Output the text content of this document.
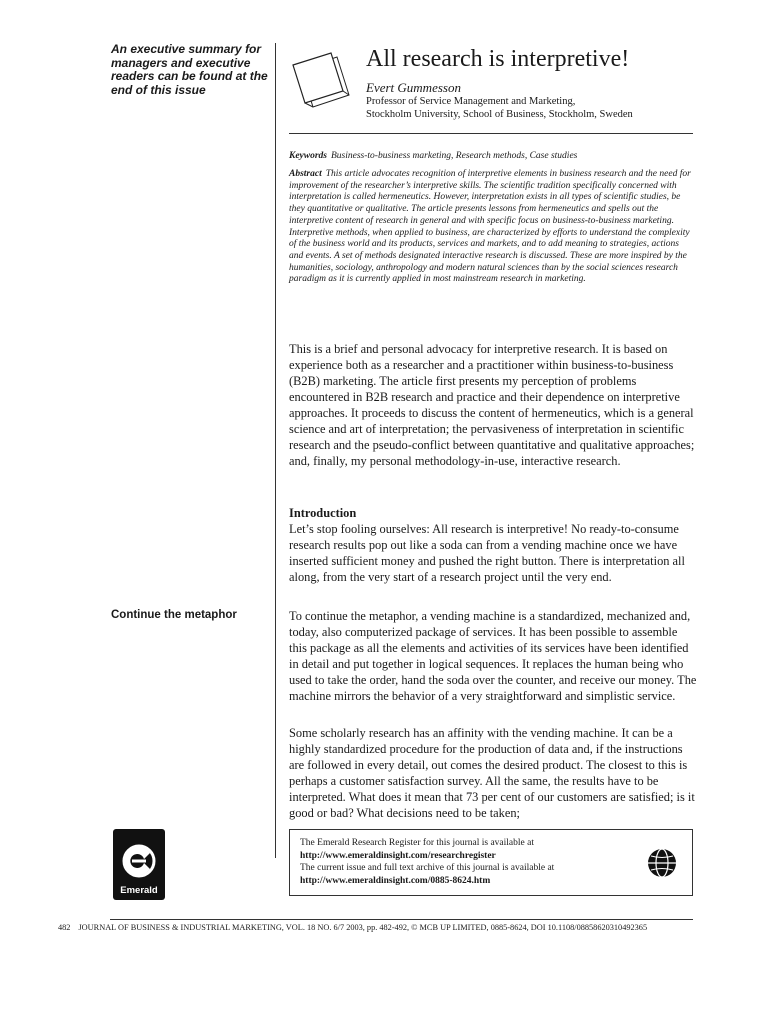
An executive summary for managers and executive readers can be found at the end of this issue
All research is interpretive!
Evert Gummesson
Professor of Service Management and Marketing,
Stockholm University, School of Business, Stockholm, Sweden
Keywords Business-to-business marketing, Research methods, Case studies
Abstract This article advocates recognition of interpretive elements in business research and the need for improvement of the researcher’s interpretive skills. The scientific tradition specifically concerned with interpretation is called hermeneutics. However, interpretation exists in all types of scientific studies, be they quantitative or qualitative. The article presents lessons from hermeneutics and spells out the interpretive content of research in general and with specific focus on business-to-business marketing. Interpretive methods, when applied to business, are characterized by efforts to understand the complexity of the business world and its products, services and markets, and to add meaning to strategies, actions and events. A set of methods designated interactive research is discussed. These are more inspired by the humanities, sociology, anthropology and modern natural sciences than by the social sciences research paradigm as it is currently applied in most mainstream research in marketing.

This is a brief and personal advocacy for interpretive research. It is based on experience both as a researcher and a practitioner within business-to-business (B2B) marketing. The article first presents my perception of problems encountered in B2B research and practice and their dependence on interpretive approaches. It proceeds to discuss the content of hermeneutics, which is a general science and art of interpretation; the pervasiveness of interpretation in scientific research and the pseudo-conflict between quantitative and qualitative approaches; and, finally, my personal methodology-in-use, interactive research.

Introduction

Let’s stop fooling ourselves: All research is interpretive! No ready-to-consume research results pop out like a soda can from a vending machine once we have inserted sufficient money and pushed the right button. There is interpretation all along, from the very start of a research project until the very end.

Continue the metaphor	To continue the metaphor, a vending machine is a standardized, mechanized and, today, also computerized package of services. It has been possible to assemble this package as all the elements and activities of its services have been identified in detail and put together in logical sequences. It replaces the human being who used to take the order, hand the soda over the counter, and receive our money. The machine mirrors the behavior of a very straightforward and simplistic service.

Some scholarly research has an affinity with the vending machine. It can be a highly standardized procedure for the production of data and, if the instructions are followed in every detail, out comes the desired product. The closest to this is perhaps a customer satisfaction survey. All the same, the results have to be interpreted. What does it mean that 73 per cent of our customers are satisfied; is it good or bad? What decisions need to be taken;

Emerald
The Emerald Research Register for this journal is available at
http://www.emeraldinsight.com/researchregister
The current issue and full text archive of this journal is available at
http://www.emeraldinsight.com/0885-8624.htm
482 JOURNAL OF BUSINESS & INDUSTRIAL MARKETING, VOL. 18 NO. 6/7 2003, pp. 482-492, © MCB UP LIMITED, 0885-8624, DOI 10.1108/08858620310492365
